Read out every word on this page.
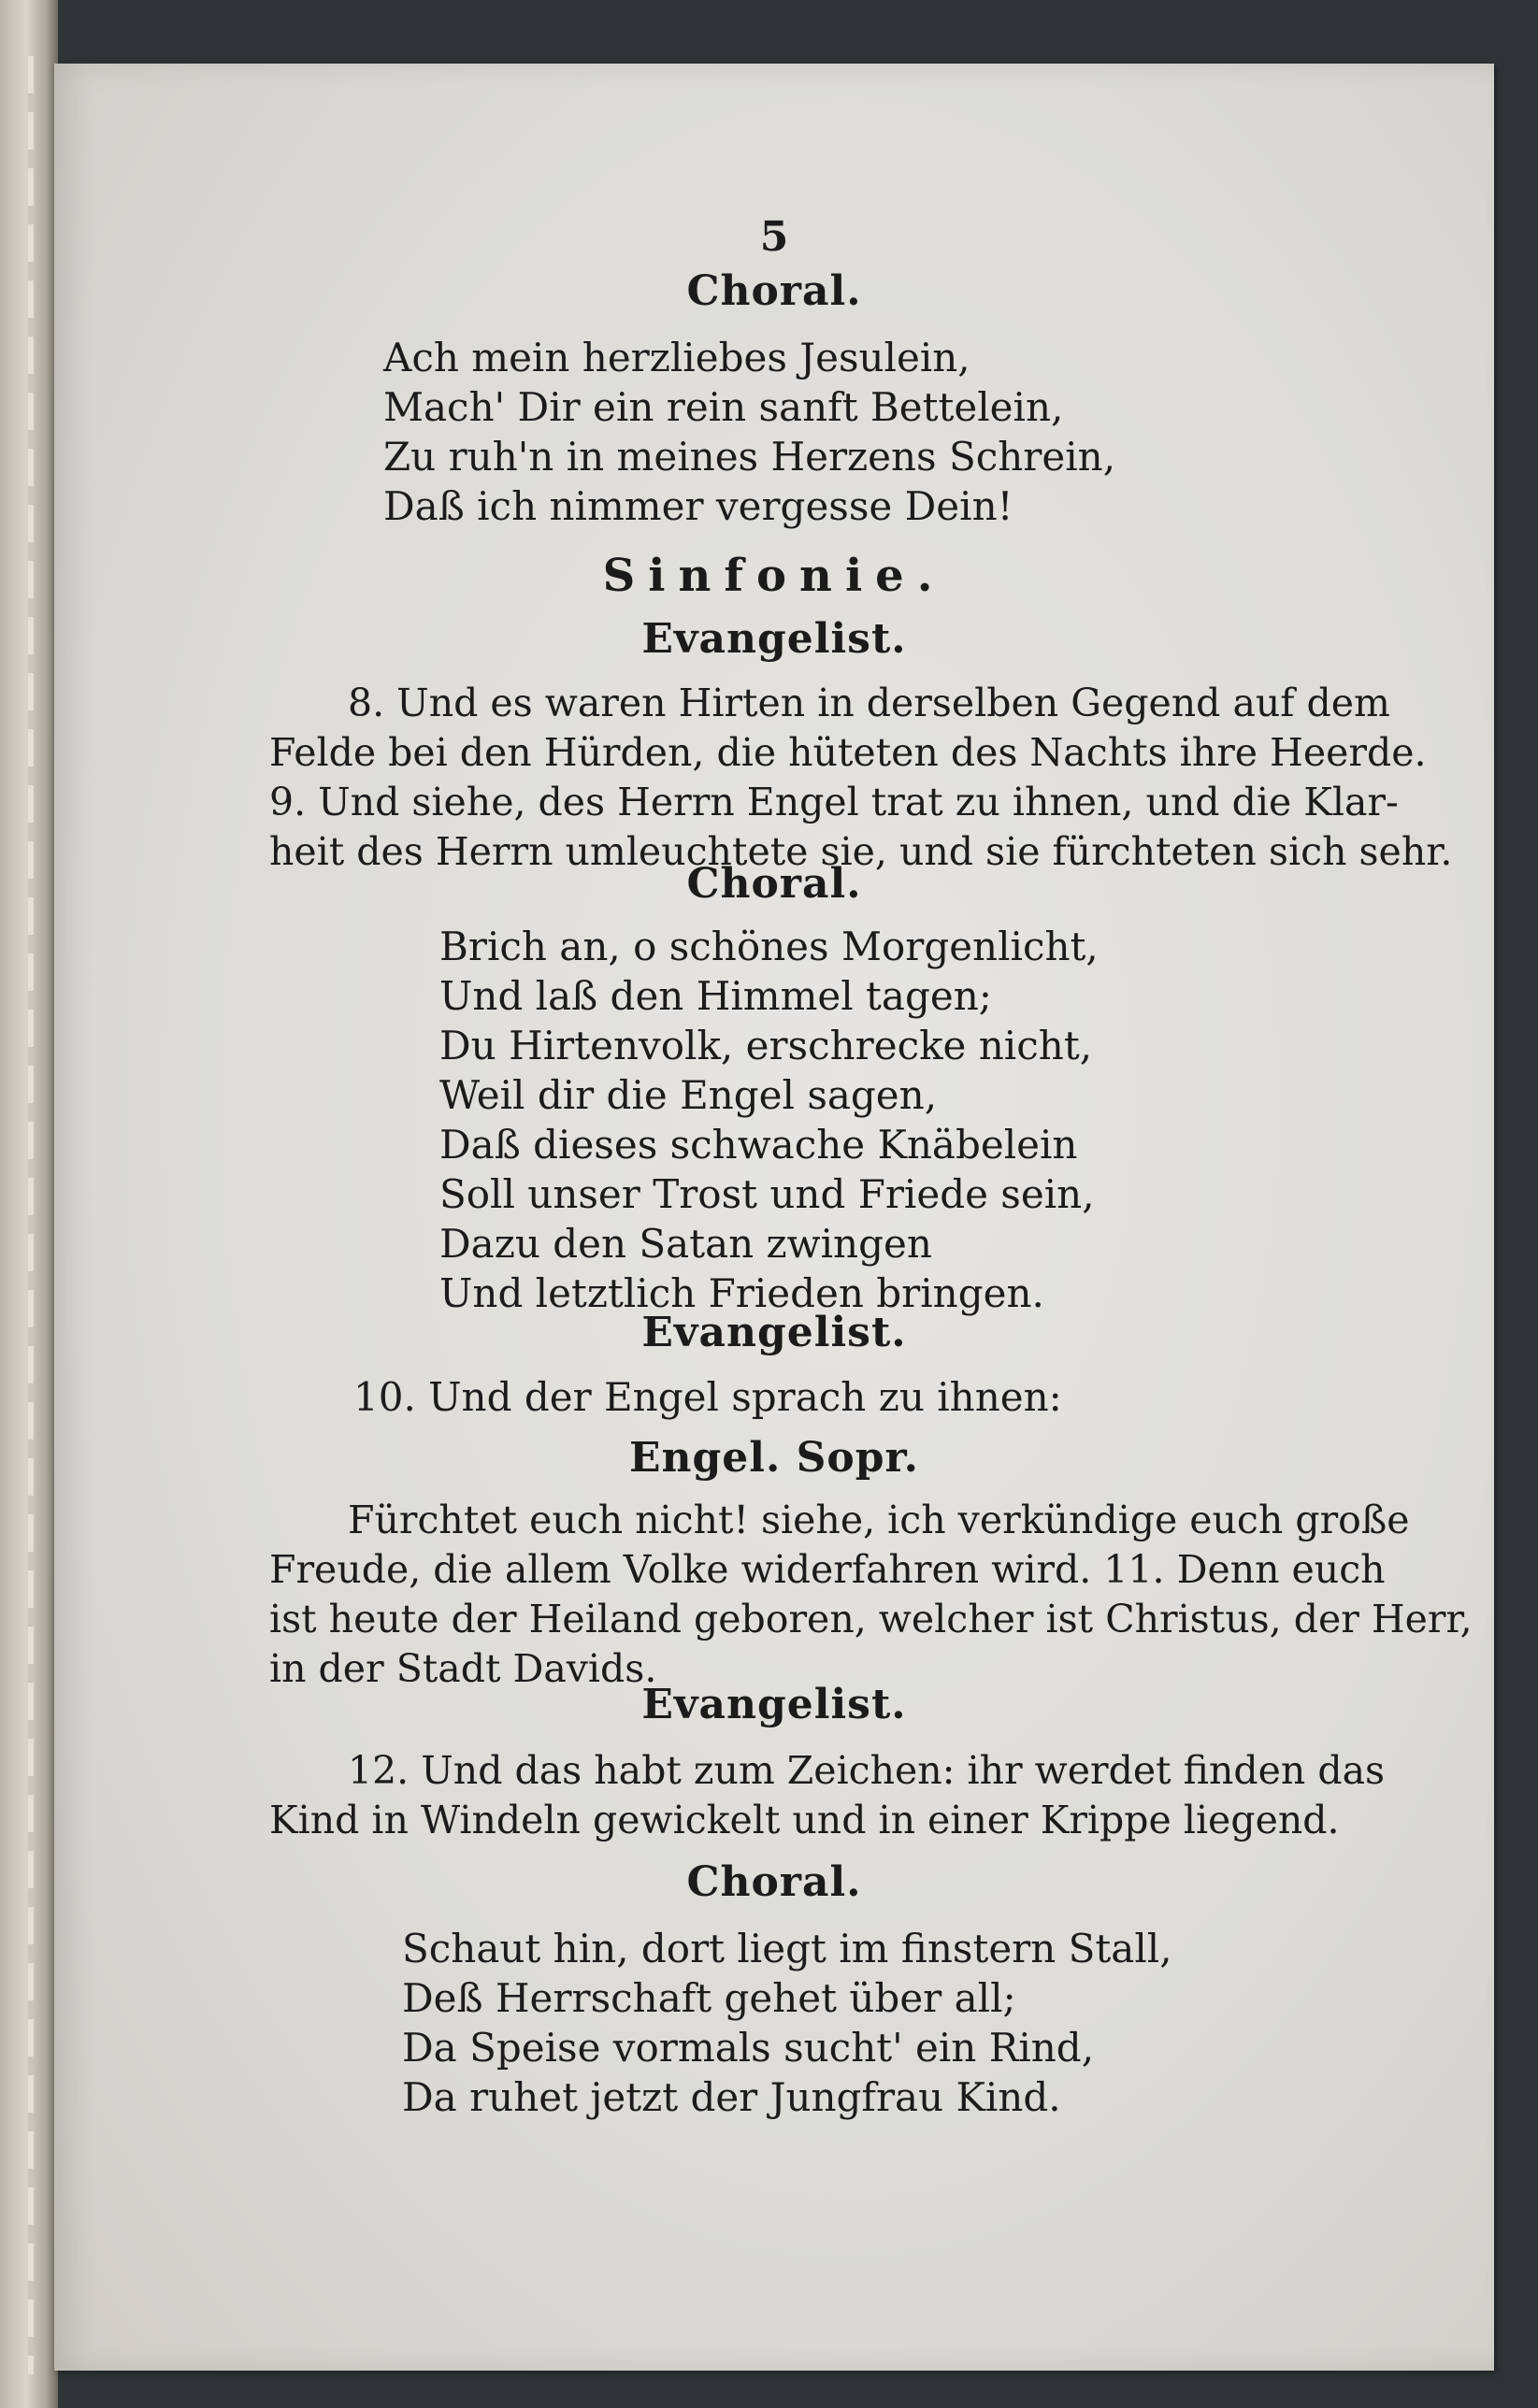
5
Choral.
Ach mein herzliebes Jesulein,
Mach' Dir ein rein sanft Bettelein,
Zu ruh'n in meines Herzens Schrein,
Daß ich nimmer vergesse Dein!
Sinfonie.
Evangelist.
8. Und es waren Hirten in derselben Gegend auf dem
Felde bei den Hürden, die hüteten des Nachts ihre Heerde.
9. Und siehe, des Herrn Engel trat zu ihnen, und die Klar-
heit des Herrn umleuchtete sie, und sie fürchteten sich sehr.
Choral.
Brich an, o schönes Morgenlicht,
Und laß den Himmel tagen;
Du Hirtenvolk, erschrecke nicht,
Weil dir die Engel sagen,
Daß dieses schwache Knäbelein
Soll unser Trost und Friede sein,
Dazu den Satan zwingen
Und letztlich Frieden bringen.
Evangelist.
10. Und der Engel sprach zu ihnen:
Engel. Sopr.
Fürchtet euch nicht! siehe, ich verkündige euch große
Freude, die allem Volke widerfahren wird. 11. Denn euch
ist heute der Heiland geboren, welcher ist Christus, der Herr,
in der Stadt Davids.
Evangelist.
12. Und das habt zum Zeichen: ihr werdet finden das
Kind in Windeln gewickelt und in einer Krippe liegend.
Choral.
Schaut hin, dort liegt im finstern Stall,
Deß Herrschaft gehet über all;
Da Speise vormals sucht' ein Rind,
Da ruhet jetzt der Jungfrau Kind.
